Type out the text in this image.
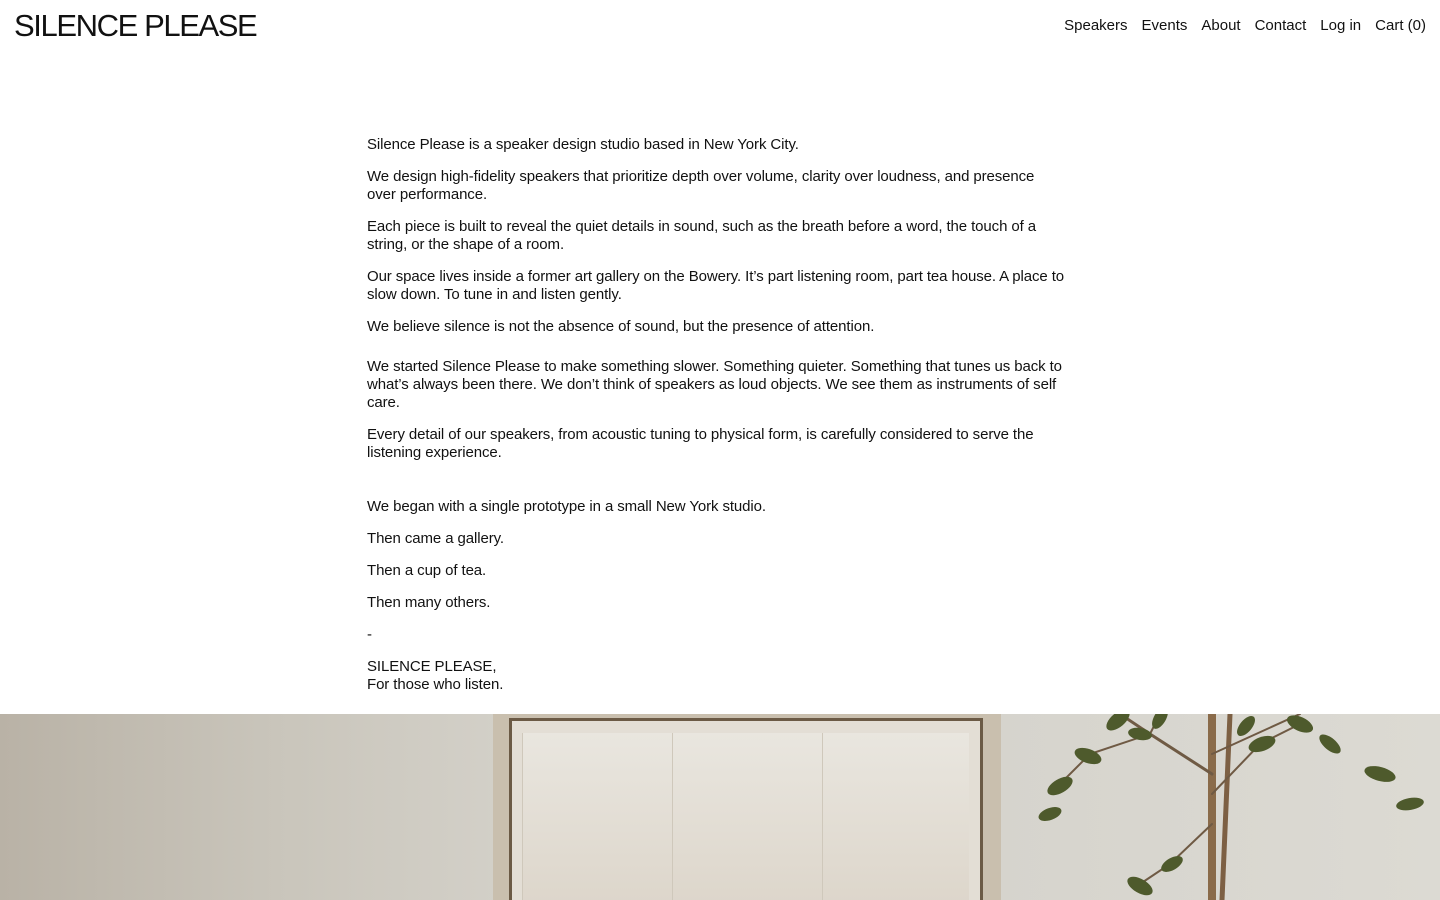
SILENCE PLEASE	Speakers Events About Contact Log in Cart (0)

Silence Please is a speaker design studio based in New York City.

We design high-fidelity speakers that prioritize depth over volume, clarity over loudness, and presence over performance.

Each piece is built to reveal the quiet details in sound, such as the breath before a word, the touch of a string, or the shape of a room.

Our space lives inside a former art gallery on the Bowery. It’s part listening room, part tea house. A place to slow down. To tune in and listen gently.

We believe silence is not the absence of sound, but the presence of attention.

We started Silence Please to make something slower. Something quieter. Something that tunes us back to what’s always been there. We don’t think of speakers as loud objects. We see them as instruments of self care.

Every detail of our speakers, from acoustic tuning to physical form, is carefully considered to serve the listening experience.

We began with a single prototype in a small New York studio.

Then came a gallery.

Then a cup of tea.

Then many others.

-

SILENCE PLEASE,
For those who listen.
